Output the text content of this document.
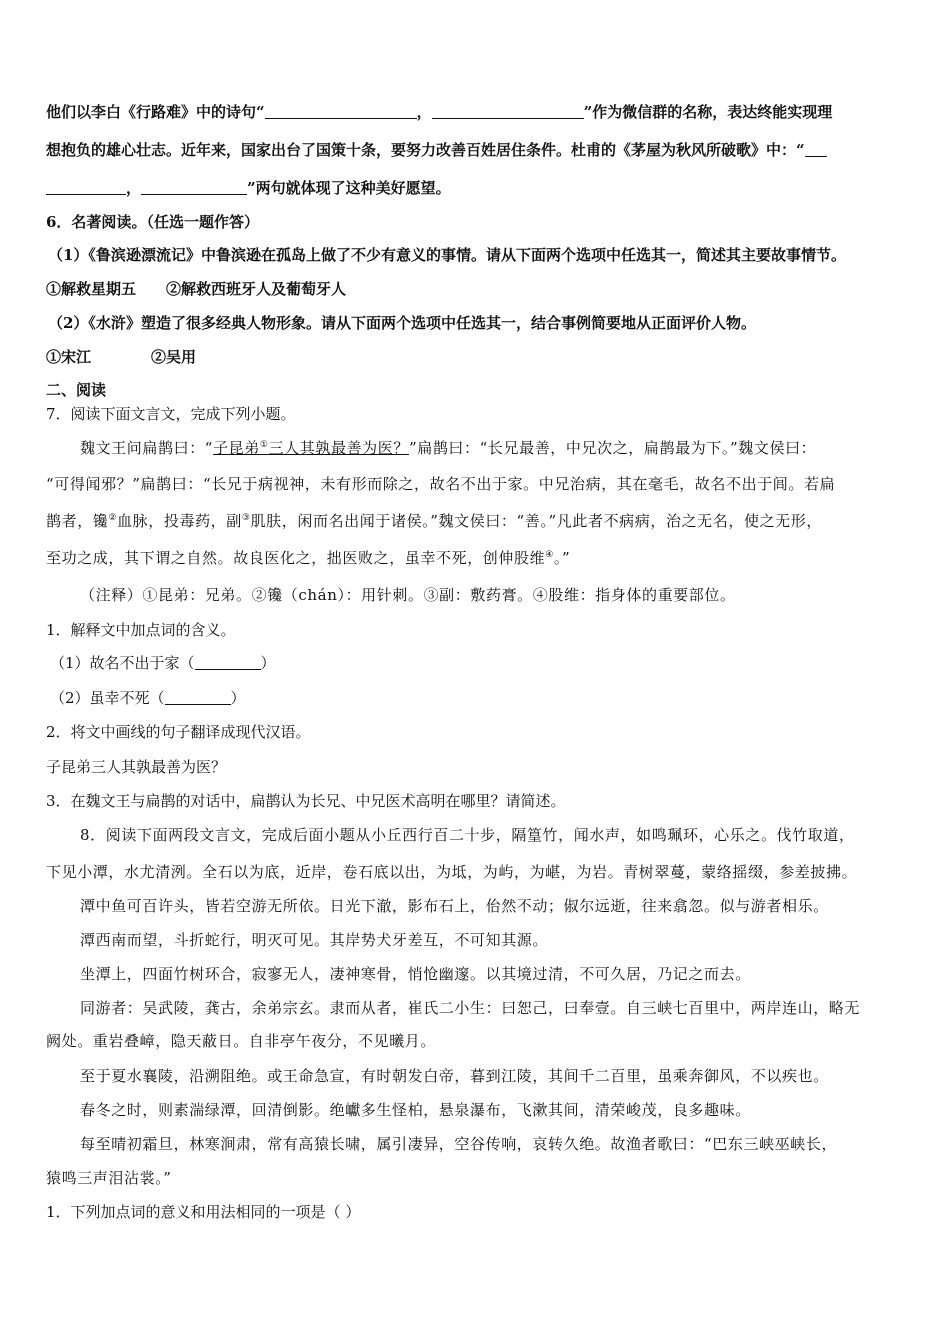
他们以李白《行路难》中的诗句“	，	”作为微信群的名称，表达终能实现理
想抱负的雄心壮志。近年来，国家出台了国策十条，要努力改善百姓居住条件。杜甫的《茅屋为秋风所破歌》中：“
，	”两句就体现了这种美好愿望。
6．名著阅读。（任选一题作答）
（1）《鲁滨逊漂流记》中鲁滨逊在孤岛上做了不少有意义的事情。请从下面两个选项中任选其一，简述其主要故事情节。
①解救星期五　　②解救西班牙人及葡萄牙人
（2）《水浒》塑造了很多经典人物形象。请从下面两个选项中任选其一，结合事例简要地从正面评价人物。
①宋江　　　　②吴用
二、阅读
7．阅读下面文言文，完成下列小题。
魏文王问扁鹊曰：“子昆弟①三人其孰最善为医？”扁鹊曰：“长兄最善，中兄次之，扁鹊最为下。”魏文侯曰：
“可得闻邪？”扁鹊曰：“长兄于病视神，未有形而除之，故名不出于家。中兄治病，其在毫毛，故名不出于闾。若扁
鹊者，镵②血脉，投毒药，副③肌肤，闲而名出闻于诸侯。”魏文侯曰：“善。”凡此者不病病，治之无名，使之无形，
至功之成，其下谓之自然。故良医化之，拙医败之，虽幸不死，创伸股维④。”
（注释）①昆弟：兄弟。②镵（chán）：用针刺。③副：敷药膏。④股维：指身体的重要部位。
1．解释文中加点词的含义。
（1）故名不出于家（	）
（2）虽幸不死（	）
2．将文中画线的句子翻译成现代汉语。
子昆弟三人其孰最善为医？
3．在魏文王与扁鹊的对话中，扁鹊认为长兄、中兄医术高明在哪里？请简述。
8．阅读下面两段文言文，完成后面小题从小丘西行百二十步，隔篁竹，闻水声，如鸣珮环，心乐之。伐竹取道，
下见小潭，水尤清洌。全石以为底，近岸，卷石底以出，为坻，为屿，为嵁，为岩。青树翠蔓，蒙络摇缀，参差披拂。
潭中鱼可百许头，皆若空游无所依。日光下澈，影布石上，佁然不动；俶尔远逝，往来翕忽。似与游者相乐。
潭西南而望，斗折蛇行，明灭可见。其岸势犬牙差互，不可知其源。
坐潭上，四面竹树环合，寂寥无人，凄神寒骨，悄怆幽邃。以其境过清，不可久居，乃记之而去。
同游者：吴武陵，龚古，余弟宗玄。隶而从者，崔氏二小生：曰恕己，曰奉壹。自三峡七百里中，两岸连山，略无
阙处。重岩叠嶂，隐天蔽日。自非亭午夜分，不见曦月。
至于夏水襄陵，沿溯阻绝。或王命急宣，有时朝发白帝，暮到江陵，其间千二百里，虽乘奔御风，不以疾也。
春冬之时，则素湍绿潭，回清倒影。绝巘多生怪柏，悬泉瀑布，飞漱其间，清荣峻茂，良多趣味。
每至晴初霜旦，林寒涧肃，常有高猿长啸，属引凄异，空谷传响，哀转久绝。故渔者歌曰：“巴东三峡巫峡长，
猿鸣三声泪沾裳。”
1．下列加点词的意义和用法相同的一项是（ ）
